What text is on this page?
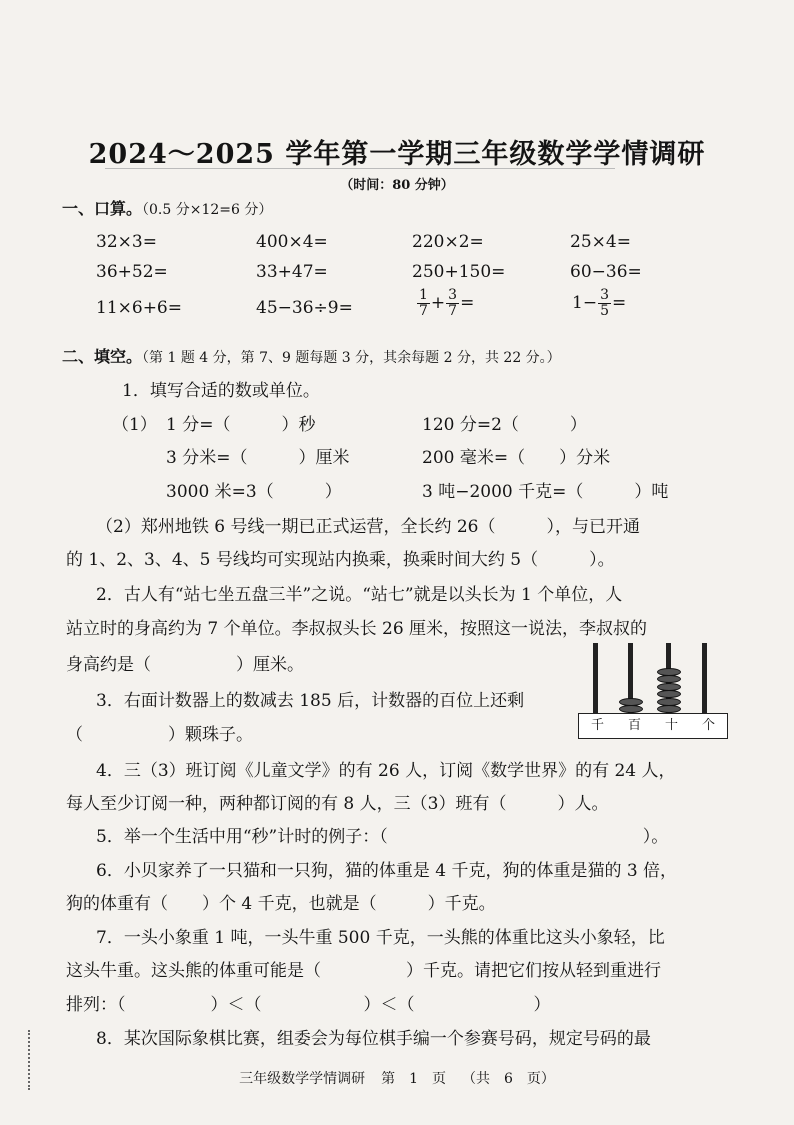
2024～2025 学年第一学期三年级数学学情调研
（时间：80 分钟）
一、口算。（0.5 分×12=6 分）
32×3=	400×4=	220×2=	25×4=
36+52=	33+47=	250+150=	60−36=
11×6+6=	45−36÷9=	$\frac{1}{7} + \frac{3}{7}$ =	$1- \frac{3}{5}$ =
二、填空。（第 1 题 4 分，第 7、9 题每题 3 分，其余每题 2 分，共 22 分。）
1．填写合适的数或单位。
（1） 1 分=（　　　）秒	120 分=2（　　　）
3 分米=（　　　）厘米	200 毫米=（　　）分米
3000 米=3（　　　）	3 吨−2000 千克=（　　　）吨
（2）郑州地铁 6 号线一期已正式运营，全长约 26（　　　），与已开通
的 1、2、3、4、5 号线均可实现站内换乘，换乘时间大约 5（　　　）。
2．古人有“站七坐五盘三半”之说。“站七”就是以头长为 1 个单位，人
站立时的身高约为 7 个单位。李叔叔头长 26 厘米，按照这一说法，李叔叔的
身高约是（　　　　　）厘米。
3．右面计数器上的数减去 185 后，计数器的百位上还剩
（　　　　　）颗珠子。	千	百	十	个
4．三（3）班订阅《儿童文学》的有 26 人，订阅《数学世界》的有 24 人，
每人至少订阅一种，两种都订阅的有 8 人，三（3）班有（　　　）人。
5．举一个生活中用“秒”计时的例子：（　　　　　　　　　　　　　　　）。
6．小贝家养了一只猫和一只狗，猫的体重是 4 千克，狗的体重是猫的 3 倍，
狗的体重有（　　）个 4 千克，也就是（　　　）千克。
7．一头小象重 1 吨，一头牛重 500 千克，一头熊的体重比这头小象轻，比
这头牛重。这头熊的体重可能是（　　　　　）千克。请把它们按从轻到重进行
排列：（　　　　　）＜（　　　　　　）＜（　　　　　　　）
8．某次国际象棋比赛，组委会为每位棋手编一个参赛号码，规定号码的最
三年级数学学情调研 第　1　页 （共　6　页）
